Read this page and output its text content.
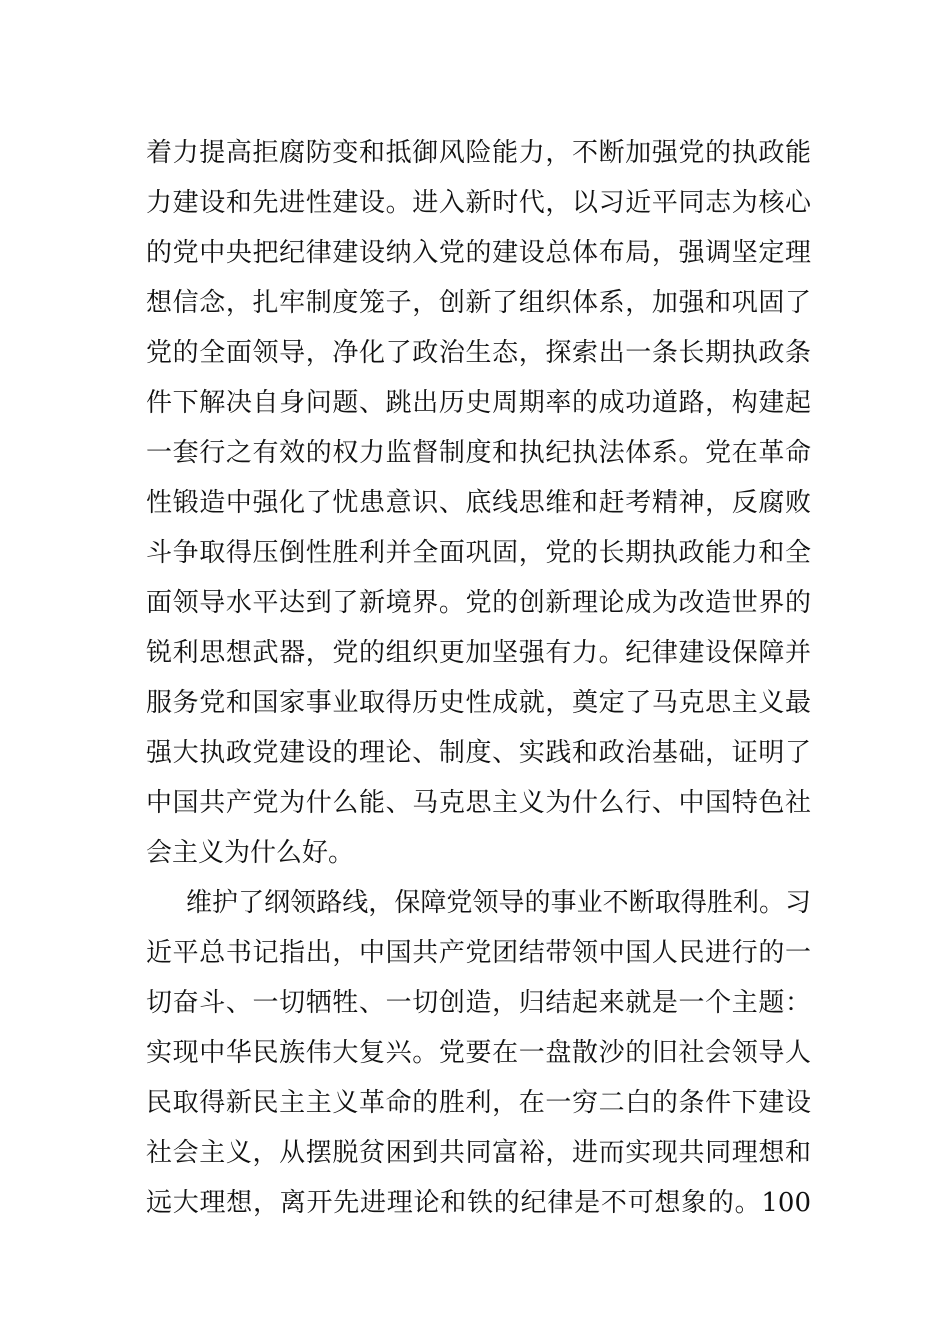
着力提高拒腐防变和抵御风险能力，不断加强党的执政能
力建设和先进性建设。进入新时代，以习近平同志为核心
的党中央把纪律建设纳入党的建设总体布局，强调坚定理
想信念，扎牢制度笼子，创新了组织体系，加强和巩固了
党的全面领导，净化了政治生态，探索出一条长期执政条
件下解决自身问题、跳出历史周期率的成功道路，构建起
一套行之有效的权力监督制度和执纪执法体系。党在革命
性锻造中强化了忧患意识、底线思维和赶考精神，反腐败
斗争取得压倒性胜利并全面巩固，党的长期执政能力和全
面领导水平达到了新境界。党的创新理论成为改造世界的
锐利思想武器，党的组织更加坚强有力。纪律建设保障并
服务党和国家事业取得历史性成就，奠定了马克思主义最
强大执政党建设的理论、制度、实践和政治基础，证明了
中国共产党为什么能、马克思主义为什么行、中国特色社
会主义为什么好。
维护了纲领路线，保障党领导的事业不断取得胜利。习
近平总书记指出，中国共产党团结带领中国人民进行的一
切奋斗、一切牺牲、一切创造，归结起来就是一个主题：
实现中华民族伟大复兴。党要在一盘散沙的旧社会领导人
民取得新民主主义革命的胜利，在一穷二白的条件下建设
社会主义，从摆脱贫困到共同富裕，进而实现共同理想和
远大理想，离开先进理论和铁的纪律是不可想象的。100
